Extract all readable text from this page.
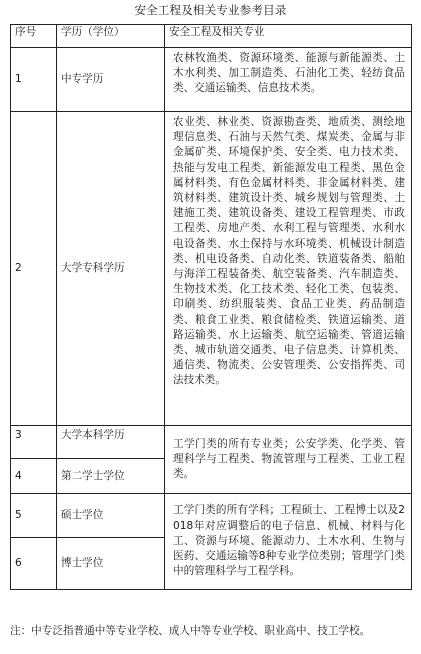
安全工程及相关专业参考目录
序号	学历（学位）	安全工程及相关专业

1	中专学历	农林牧渔类、资源环境类、能源与新能源类、土木水利类、加工制造类、石油化工类、轻纺食品类、交通运输类、信息技术类。

2	大学专科学历	农业类、林业类、资源勘查类、地质类、测绘地理信息类、石油与天然气类、煤炭类、金属与非金属矿类、环境保护类、安全类、电力技术类、热能与发电工程类、新能源发电工程类、黑色金属材料类、有色金属材料类、非金属材料类、建筑材料类、建筑设计类、城乡规划与管理类、土建施工类、建筑设备类、建设工程管理类、市政工程类、房地产类、水利工程与管理类、水利水电设备类、水土保持与水环境类、机械设计制造类、机电设备类、自动化类、铁道装备类、船舶与海洋工程装备类、航空装备类、汽车制造类、生物技术类、化工技术类、轻化工类、包装类、印刷类、纺织服装类、食品工业类、药品制造类、粮食工业类、粮食储检类、铁道运输类、道路运输类、水上运输类、航空运输类、管道运输类、城市轨道交通类、电子信息类、计算机类、通信类、物流类、公安管理类、公安指挥类、司法技术类。

3	大学本科学历	工学门类的所有专业类；公安学类、化学类、管理科学与工程类、物流管理与工程类、工业工程类。

4	第二学士学位	

5	硕士学位	工学门类的所有学科；工程硕士、工程博士以及2018年对应调整后的电子信息、机械、材料与化工、资源与环境、能源动力、土木水利、生物与医药、交通运输等8种专业学位类别；管理学门类中的管理科学与工程学科。

6	博士学位	
注：中专泛指普通中等专业学校、成人中等专业学校、职业高中、技工学校。
